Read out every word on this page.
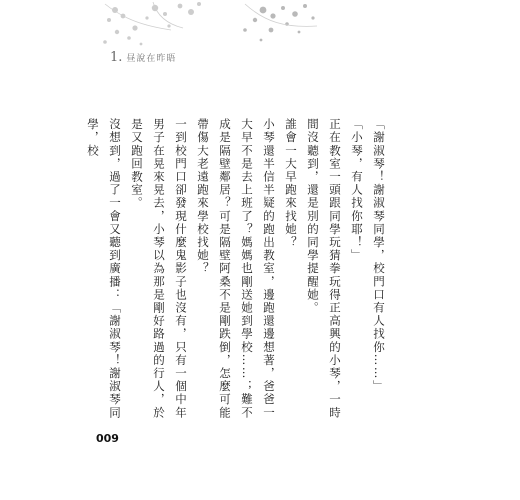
1. 昼說在昨晤

「謝淑琴！謝淑琴同學，校門口有人找你……」

「小琴，有人找你耶！」

正在教室一頭跟同學玩猜拳玩得正高興的小琴，一時間沒聽到，還是別的同學提醒她。

誰會一大早跑來找她？

小琴還半信半疑的跑出教室，邊跑還邊想著，爸爸一大早不是去上班了？媽媽也剛送她到學校……；難不成是隔壁鄰居？可是隔壁阿桑不是剛跌倒，怎麼可能帶傷大老遠跑來學校找她？

一到校門口卻發現什麼鬼影子也沒有，只有一個中年男子在晃來晃去，小琴以為那是剛好路過的行人，於是又跑回教室。

沒想到，過了一會又聽到廣播：「謝淑琴！謝淑琴同學，校

009
